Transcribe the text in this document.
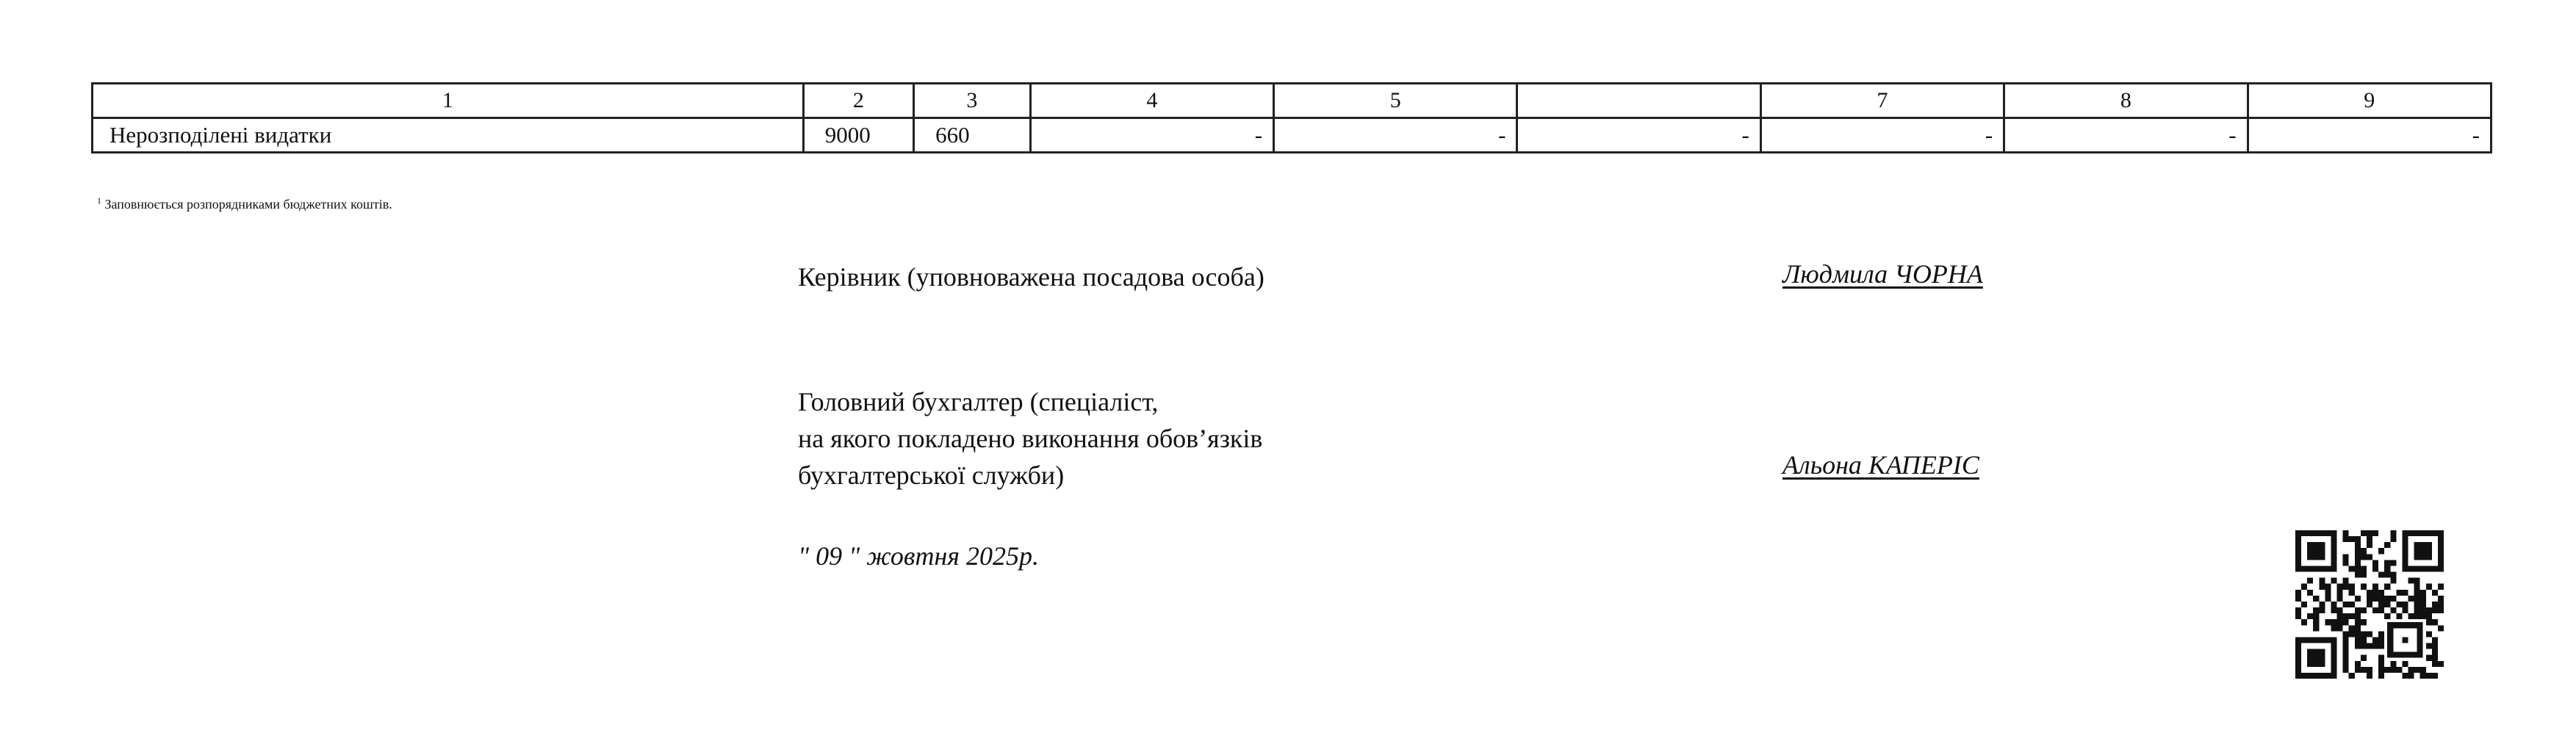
1	2	3	4	5		7	8	9
Нерозподілені видатки	9000	660	-	-	-	-	-	-
$^1$ Заповнюється розпорядниками бюджетних коштів.
Керівник (уповноважена посадова особа)	Людмила ЧОРНА
Головний бухгалтер (спеціаліст,
на якого покладено виконання обов’язків
бухгалтерської служби)	Альона КАПЕРІС
" 09 " жовтня 2025р.
